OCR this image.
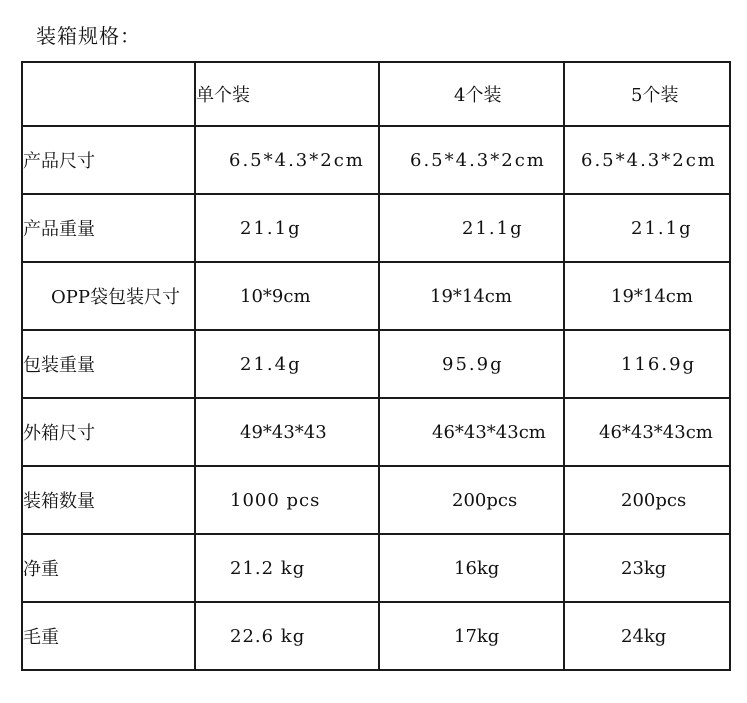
装箱规格：
	单个装	4个装	5个装
产品尺寸	6.5*4.3*2cm	6.5*4.3*2cm	6.5*4.3*2cm
产品重量	21.1g	21.1g	21.1g
OPP袋包装尺寸	10*9cm	19*14cm	19*14cm
包装重量	21.4g	95.9g	116.9g
外箱尺寸	49*43*43	46*43*43cm	46*43*43cm
装箱数量	1000 pcs	200pcs	200pcs
净重	21.2 kg	16kg	23kg
毛重	22.6 kg	17kg	24kg
